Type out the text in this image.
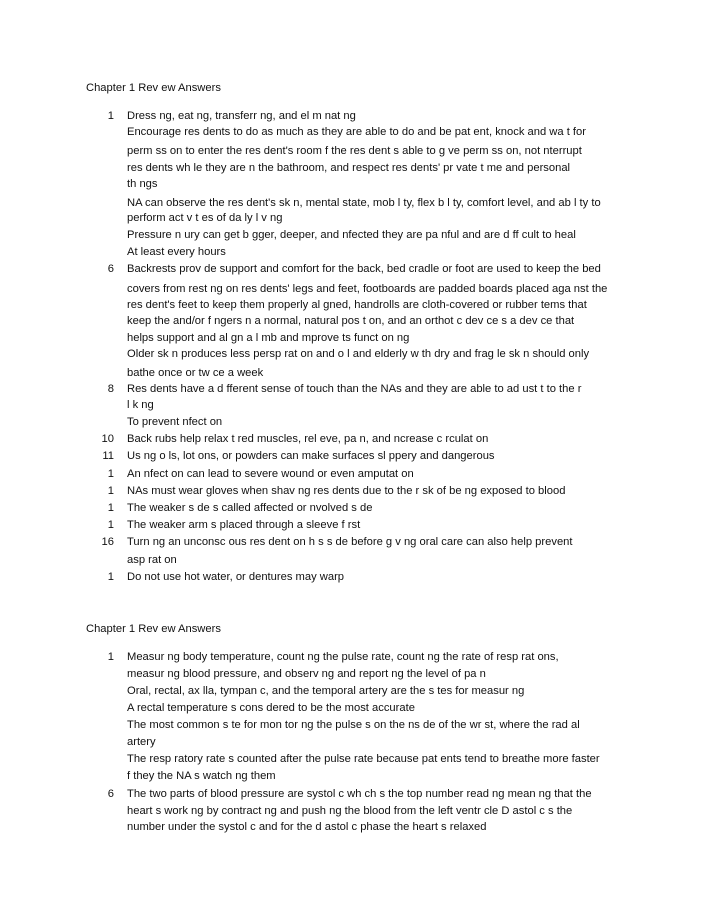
Chapter 1 Rev ew Answers
1 Dress ng, eat ng, transferr ng, and el m nat ng
Encourage res dents to do as much as they are able to do and be pat ent, knock and wa t for
perm ss on to enter the res dent's room f the res dent s able to g ve perm ss on, not nterrupt
res dents wh le they are n the bathroom, and respect res dents' pr vate t me and personal
th ngs
NA can observe the res dent's sk n, mental state, mob l ty, flex b l ty, comfort level, and ab l ty to
perform act v t es of da ly l v ng
Pressure n ury can get b gger, deeper, and nfected they are pa nful and are d ff cult to heal
At least every hours
6 Backrests prov de support and comfort for the back, bed cradle or foot are used to keep the bed
covers from rest ng on res dents' legs and feet, footboards are padded boards placed aga nst the
res dent's feet to keep them properly al gned, handrolls are cloth-covered or rubber tems that
keep the and/or f ngers n a normal, natural pos t on, and an orthot c dev ce s a dev ce that
helps support and al gn a l mb and mprove ts funct on ng
Older sk n produces less persp rat on and o l and elderly w th dry and frag le sk n should only
bathe once or tw ce a week
8 Res dents have a d fferent sense of touch than the NAs and they are able to ad ust t to the r
l k ng
To prevent nfect on
10 Back rubs help relax t red muscles, rel eve, pa n, and ncrease c rculat on
11 Us ng o ls, lot ons, or powders can make surfaces sl ppery and dangerous
1 An nfect on can lead to severe wound or even amputat on
1 NAs must wear gloves when shav ng res dents due to the r sk of be ng exposed to blood
1 The weaker s de s called affected or nvolved s de
1 The weaker arm s placed through a sleeve f rst
16 Turn ng an unconsc ous res dent on h s s de before g v ng oral care can also help prevent
asp rat on
1 Do not use hot water, or dentures may warp
Chapter 1 Rev ew Answers
1 Measur ng body temperature, count ng the pulse rate, count ng the rate of resp rat ons,
measur ng blood pressure, and observ ng and report ng the level of pa n
Oral, rectal, ax lla, tympan c, and the temporal artery are the s tes for measur ng
A rectal temperature s cons dered to be the most accurate
The most common s te for mon tor ng the pulse s on the ns de of the wr st, where the rad al
artery
The resp ratory rate s counted after the pulse rate because pat ents tend to breathe more faster
f they the NA s watch ng them
6 The two parts of blood pressure are systol c wh ch s the top number read ng mean ng that the
heart s work ng by contract ng and push ng the blood from the left ventr cle D astol c s the
number under the systol c and for the d astol c phase the heart s relaxed
